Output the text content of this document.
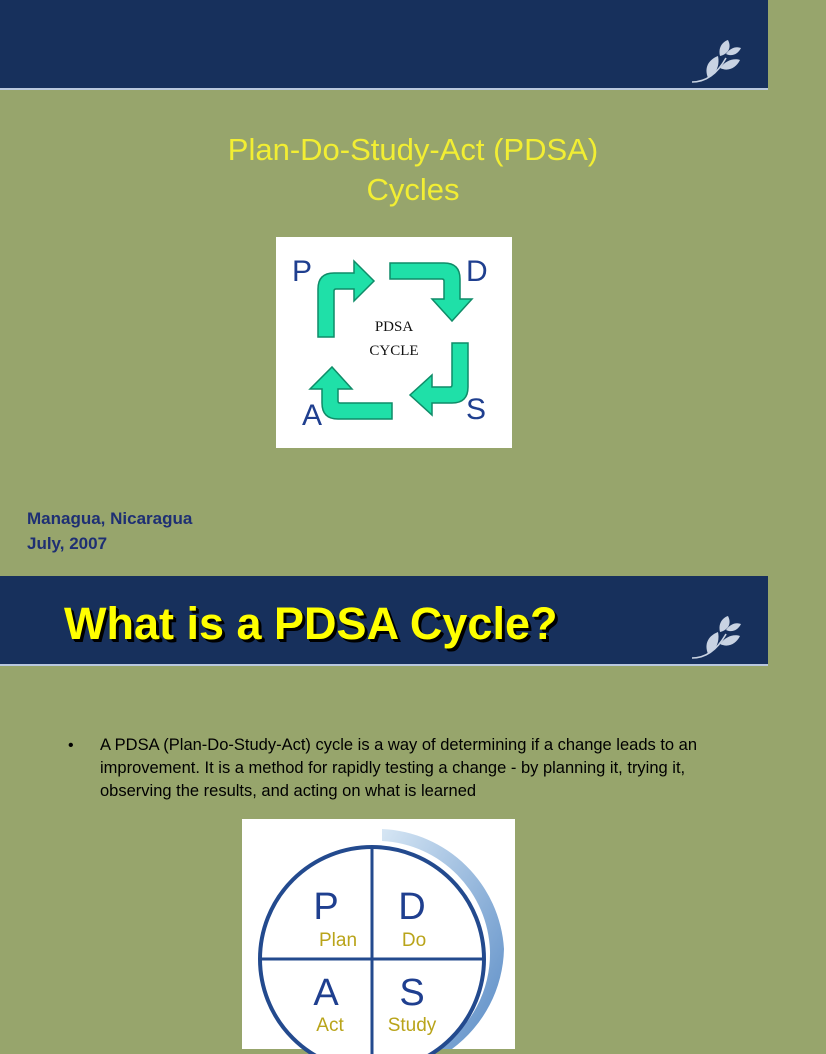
Plan-Do-Study-Act (PDSA)
Cycles
P	D
S
A
PDSA
CYCLE
Managua, Nicaragua
July, 2007
What is a PDSA Cycle?
• A PDSA (Plan-Do-Study-Act) cycle is a way of determining if a change leads to an improvement. It is a method for rapidly testing a change - by planning it, trying it, observing the results, and acting on what is learned

P
Plan
D
Do
A
Act
S
Study
